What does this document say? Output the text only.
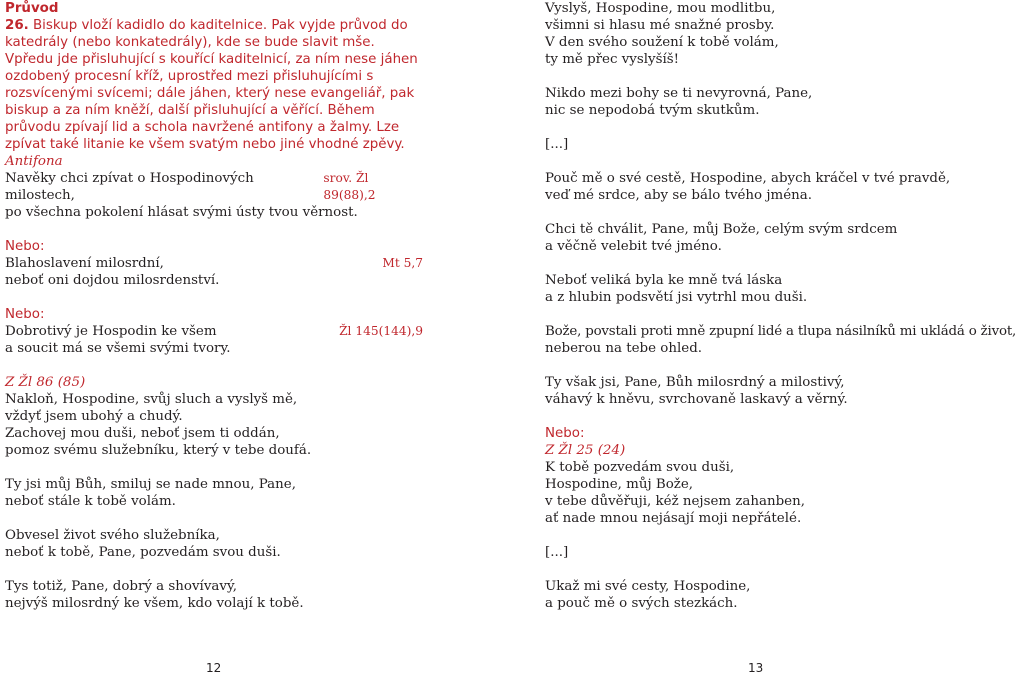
Průvod

26. Biskup vloží kadidlo do kaditelnice. Pak vyjde průvod do katedrály (nebo konkatedrály), kde se bude slavit mše. Vpředu jde přisluhující s kouřící kaditelnicí, za ním nese jáhen ozdobený procesní kříž, uprostřed mezi přisluhujícími s rozsvícenými svícemi; dále jáhen, který nese evangeliář, pak biskup a za ním kněží, další přisluhující a věřící. Během průvodu zpívají lid a schola navržené antifony a žalmy. Lze zpívat také litanie ke všem svatým nebo jiné vhodné zpěvy.

Antifona

Navěky chci zpívat o Hospodinových milostech,
srov. Žl 89(88),2

po všechna pokolení hlásat svými ústy tvou věrnost.

Nebo:

Blahoslavení milosrdní,	Mt 5,7

neboť oni dojdou milosrdenství.

Nebo:

Dobrotivý je Hospodin ke všem	Žl 145(144),9

a soucit má se všemi svými tvory.

Z Žl 86 (85)

Nakloň, Hospodine, svůj sluch a vyslyš mě,

vždyť jsem ubohý a chudý.

Zachovej mou duši, neboť jsem ti oddán,

pomoz svému služebníku, který v tebe doufá.

Ty jsi můj Bůh, smiluj se nade mnou, Pane,

neboť stále k tobě volám.

Obvesel život svého služebníka,

neboť k tobě, Pane, pozvedám svou duši.

Tys totiž, Pane, dobrý a shovívavý,

nejvýš milosrdný ke všem, kdo volají k tobě.

12

Vyslyš, Hospodine, mou modlitbu,

všimni si hlasu mé snažné prosby.

V den svého soužení k tobě volám,

ty mě přec vyslyšíš!

Nikdo mezi bohy se ti nevyrovná, Pane,

nic se nepodobá tvým skutkům.

[...]

Pouč mě o své cestě, Hospodine, abych kráčel v tvé pravdě,

veď mé srdce, aby se bálo tvého jména.

Chci tě chválit, Pane, můj Bože, celým svým srdcem

a věčně velebit tvé jméno.

Neboť veliká byla ke mně tvá láska

a z hlubin podsvětí jsi vytrhl mou duši.

Bože, povstali proti mně zpupní lidé a tlupa násilníků mi ukládá o život,

neberou na tebe ohled.

Ty však jsi, Pane, Bůh milosrdný a milostivý,

váhavý k hněvu, svrchovaně laskavý a věrný.

Nebo:

Z Žl 25 (24)

K tobě pozvedám svou duši,

Hospodine, můj Bože,

v tebe důvěřuji, kéž nejsem zahanben,

ať nade mnou nejásají moji nepřátelé.

[...]

Ukaž mi své cesty, Hospodine,

a pouč mě o svých stezkách.

13
